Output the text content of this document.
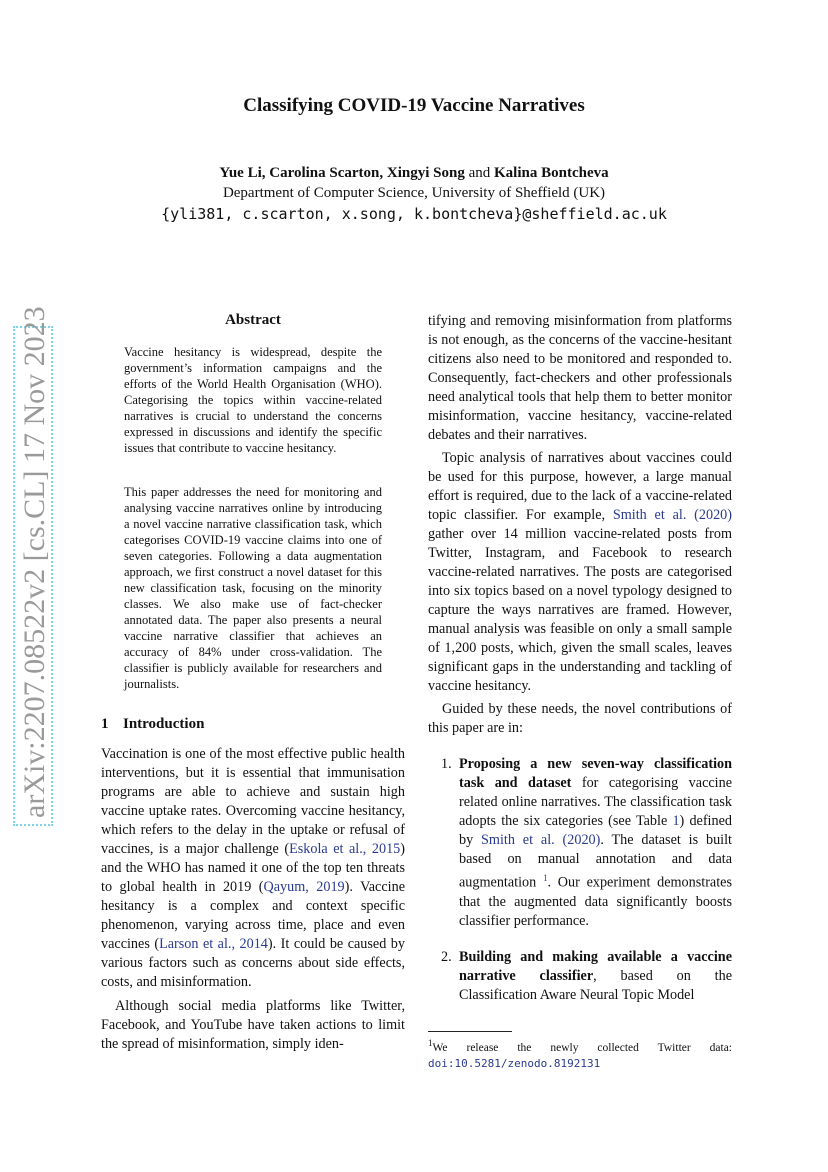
Classifying COVID-19 Vaccine Narratives
Yue Li, Carolina Scarton, Xingyi Song and Kalina Bontcheva
Department of Computer Science, University of Sheffield (UK)
{yli381, c.scarton, x.song, k.bontcheva}@sheffield.ac.uk
arXiv:2207.08522v2 [cs.CL] 17 Nov 2023	Abstract

Vaccine hesitancy is widespread, despite the government’s information campaigns and the efforts of the World Health Organisation (WHO). Categorising the topics within vaccine-related narratives is crucial to understand the concerns expressed in discussions and identify the specific issues that contribute to vaccine hesitancy.

This paper addresses the need for monitoring and analysing vaccine narratives online by introducing a novel vaccine narrative classification task, which categorises COVID-19 vaccine claims into one of seven categories. Following a data augmentation approach, we first construct a novel dataset for this new classification task, focusing on the minority classes. We also make use of fact-checker annotated data. The paper also presents a neural vaccine narrative classifier that achieves an accuracy of 84% under cross-validation. The classifier is publicly available for researchers and journalists.

1 Introduction

Vaccination is one of the most effective public health interventions, but it is essential that immunisation programs are able to achieve and sustain high vaccine uptake rates. Overcoming vaccine hesitancy, which refers to the delay in the uptake or refusal of vaccines, is a major challenge (Eskola et al., 2015) and the WHO has named it one of the top ten threats to global health in 2019 (Qayum, 2019). Vaccine hesitancy is a complex and context specific phenomenon, varying across time, place and even vaccines (Larson et al., 2014). It could be caused by various factors such as concerns about side effects, costs, and misinformation.

Although social media platforms like Twitter, Facebook, and YouTube have taken actions to limit the spread of misinformation, simply iden-

tifying and removing misinformation from platforms is not enough, as the concerns of the vaccine-hesitant citizens also need to be monitored and responded to. Consequently, fact-checkers and other professionals need analytical tools that help them to better monitor misinformation, vaccine hesitancy, vaccine-related debates and their narratives.

Topic analysis of narratives about vaccines could be used for this purpose, however, a large manual effort is required, due to the lack of a vaccine-related topic classifier. For example, Smith et al. (2020) gather over 14 million vaccine-related posts from Twitter, Instagram, and Facebook to research vaccine-related narratives. The posts are categorised into six topics based on a novel typology designed to capture the ways narratives are framed. However, manual analysis was feasible on only a small sample of 1,200 posts, which, given the small scales, leaves significant gaps in the understanding and tackling of vaccine hesitancy.

Guided by these needs, the novel contributions of this paper are in:

1. Proposing a new seven-way classification task and dataset for categorising vaccine related online narratives. The classification task adopts the six categories (see Table 1) defined by Smith et al. (2020). The dataset is built based on manual annotation and data augmentation $^1$. Our experiment demonstrates that the augmented data significantly boosts classifier performance.
2. Building and making available a vaccine narrative classifier, based on the Classification Aware Neural Topic Model
$^1$We release the newly collected Twitter data: doi:10.5281/zenodo.8192131
